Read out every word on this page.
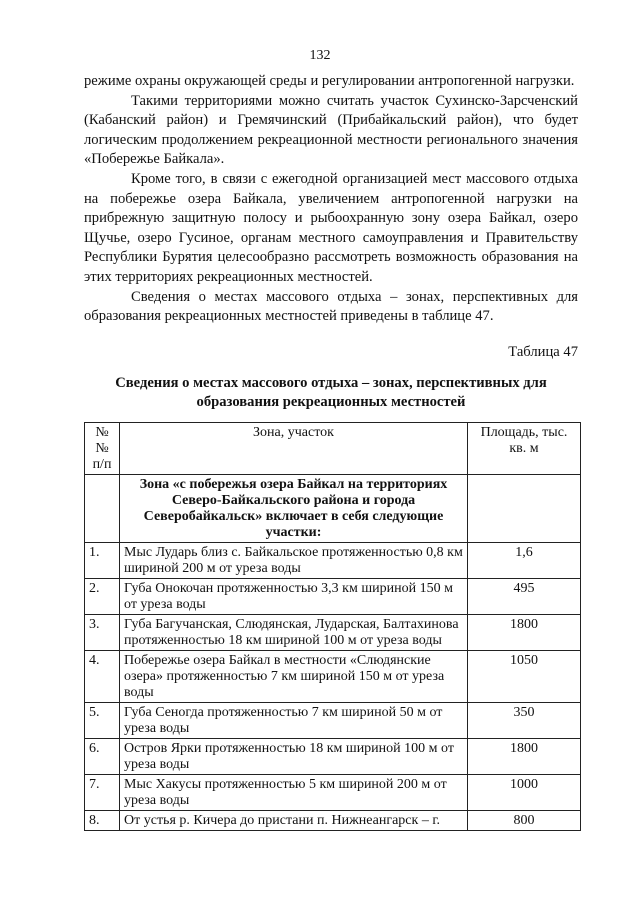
132

режиме охраны окружающей среды и регулировании антропогенной нагрузки.

Такими территориями можно считать участок Сухинско-Зарсченский (Кабанский район) и Гремячинский (Прибайкальский район), что будет логическим продолжением рекреационной местности регионального значения «Побережье Байкала».

Кроме того, в связи с ежегодной организацией мест массового отдыха на побережье озера Байкала, увеличением антропогенной нагрузки на прибрежную защитную полосу и рыбоохранную зону озера Байкал, озеро Щучье, озеро Гусиное, органам местного самоуправления и Правительству Республики Бурятия целесообразно рассмотреть возможность образования на этих территориях рекреационных местностей.

Сведения о местах массового отдыха – зонах, перспективных для образования рекреационных местностей приведены в таблице 47.

Таблица 47
Сведения о местах массового отдыха – зонах, перспективных для образования рекреационных местностей
№№ п/п	Зона, участок	Площадь, тыс. кв. м
	Зона «с побережья озера Байкал на территориях Северо-Байкальского района и города Северобайкальск» включает в себя следующие участки:	
1.	Мыс Лударь близ с. Байкальское протяженностью 0,8 км шириной 200 м от уреза воды	1,6
2.	Губа Онокочан протяженностью 3,3 км шириной 150 м от уреза воды	495
3.	Губа Багучанская, Слюдянская, Лударская, Балтахинова протяженностью 18 км шириной 100 м от уреза воды	1800
4.	Побережье озера Байкал в местности «Слюдянские озера» протяженностью 7 км шириной 150 м от уреза воды	1050
5.	Губа Сеногда протяженностью 7 км шириной 50 м от уреза воды	350
6.	Остров Ярки протяженностью 18 км шириной 100 м от уреза воды	1800
7.	Мыс Хакусы протяженностью 5 км шириной 200 м от уреза воды	1000
8.	От устья р. Кичера до пристани п. Нижнеангарск – г.	800
